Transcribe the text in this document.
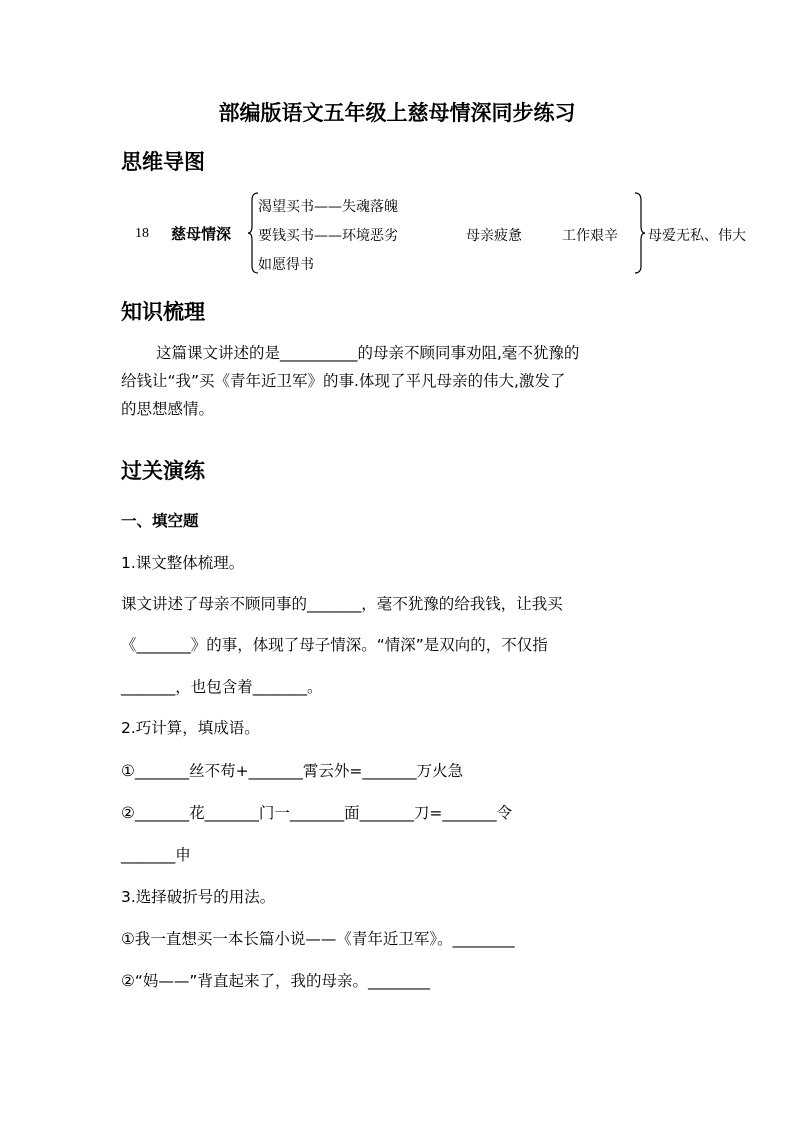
部编版语文五年级上慈母情深同步练习
思维导图
18 慈母情深
渴望买书——失魂落魄
要钱买书——环境恶劣	母亲疲惫	工作艰辛
如愿得书
母爱无私、伟大
知识梳理
这篇课文讲述的是__________的母亲不顾同事劝阻,毫不犹豫的
给钱让“我”买《青年近卫军》的事.体现了平凡母亲的伟大,激发了
的思想感情。
过关演练
一、填空题
1.课文整体梳理。
课文讲述了母亲不顾同事的_______，毫不犹豫的给我钱，让我买
《_______》的事，体现了母子情深。“情深”是双向的，不仅指
_______，也包含着_______。
2.巧计算，填成语。
①_______丝不苟+_______霄云外=_______万火急
②_______花_______门一_______面_______刀=_______令
_______申
3.选择破折号的用法。
①我一直想买一本长篇小说——《青年近卫军》。________
②“妈——”背直起来了，我的母亲。________
